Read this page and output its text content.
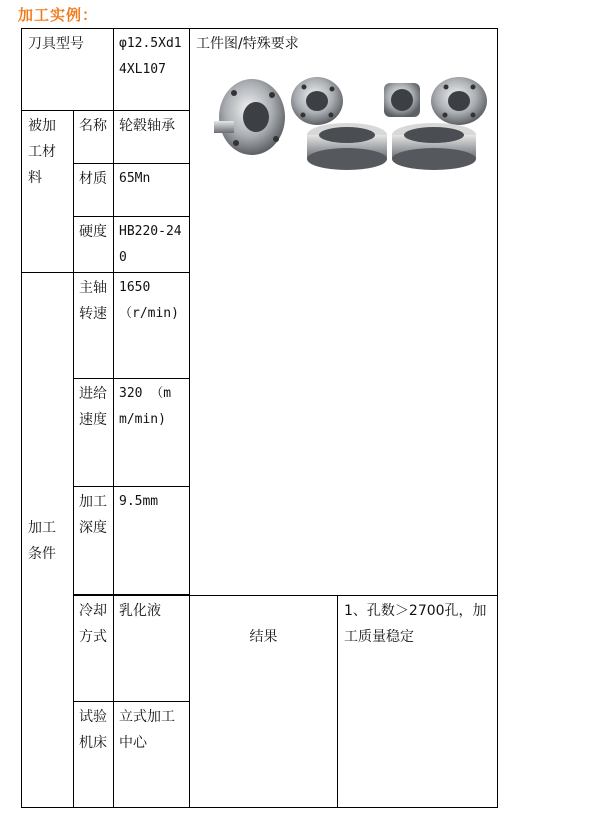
加工实例：
刀具型号		φ12.5Xd14XL107	工件图/特殊要求	

被加工材料	名称	轮毂轴承		
	材质	65Mn		
	硬度	HB220-240		
加工条件	主轴转速	1650 （r/min)		
	进给速度	320 （mm/min)		
	加工深度	9.5mm		

	冷却方式	乳化液	结果	1、孔数＞2700孔，加工质量稳定
	试验机床	立式加工中心		
